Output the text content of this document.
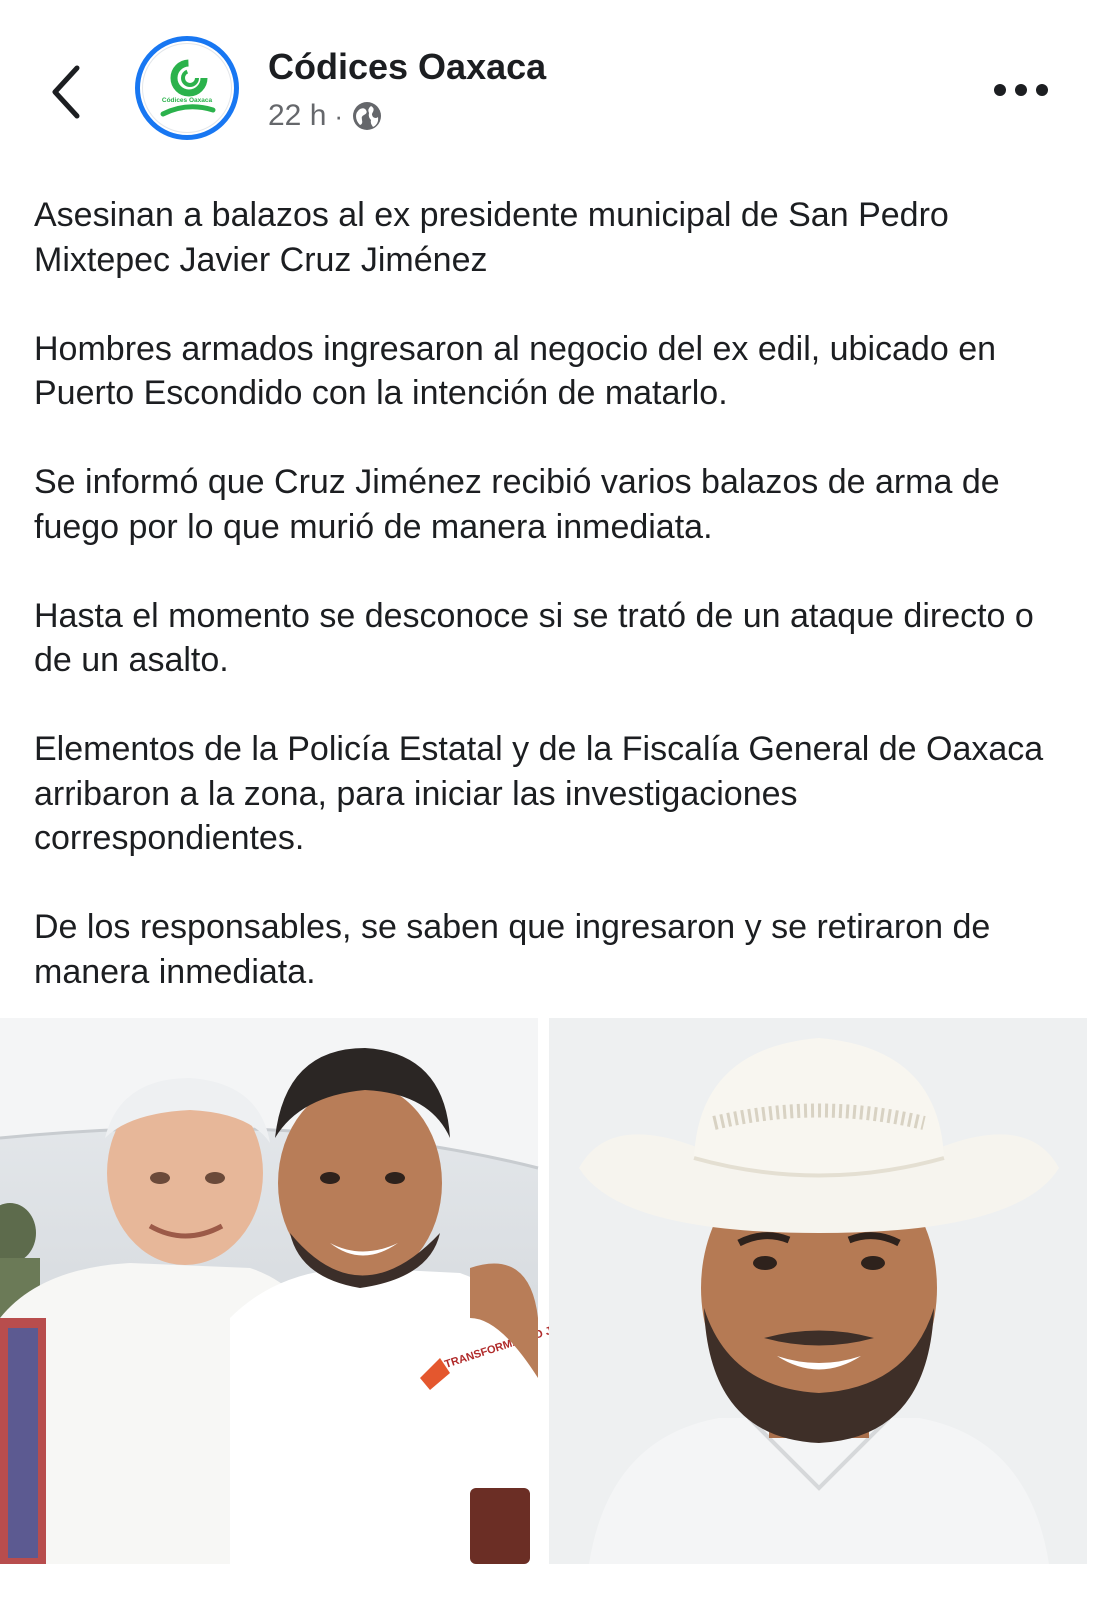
Códices Oaxaca
Códices Oaxaca
22 h ·

Asesinan a balazos al ex presidente municipal de San Pedro Mixtepec Javier Cruz Jiménez

Hombres armados ingresaron al negocio del ex edil, ubicado en Puerto Escondido con la intención de matarlo.

Se informó que Cruz Jiménez recibió varios balazos de arma de fuego por lo que murió de manera inmediata.

Hasta el momento se desconoce si se trató de un ataque directo o de un asalto.

Elementos de la Policía Estatal y de la Fiscalía General de Oaxaca arribaron a la zona, para iniciar las investigaciones correspondientes.

De los responsables, se saben que ingresaron y se retiraron de manera inmediata.

TRANSFORMANDO
